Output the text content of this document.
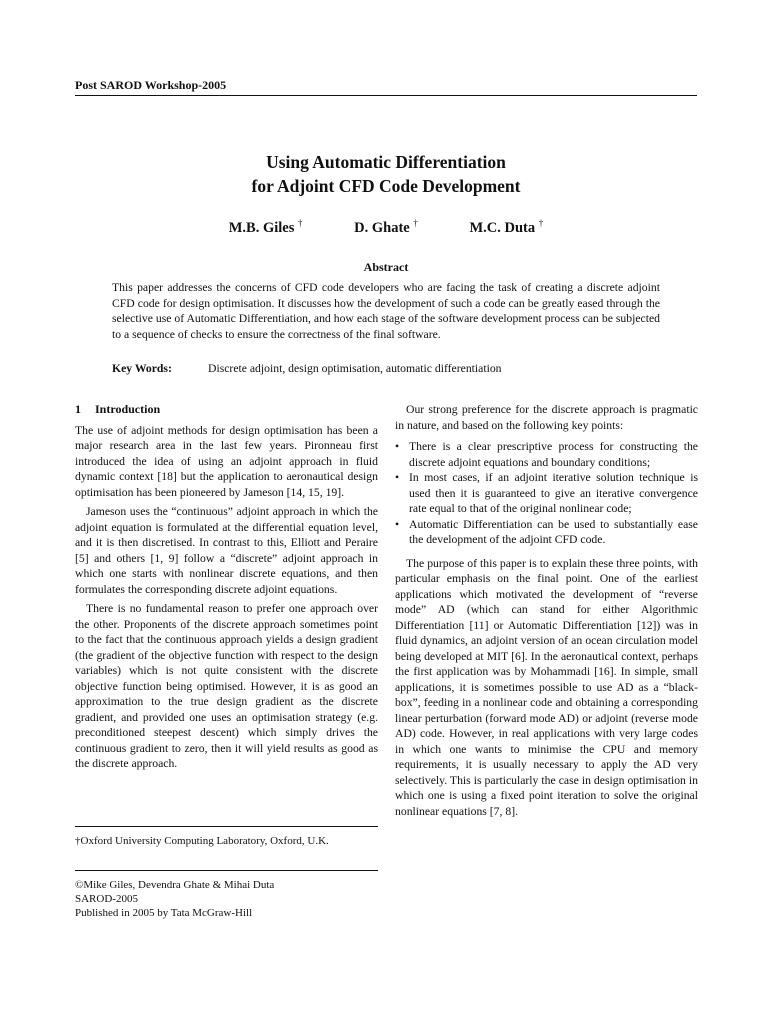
Post SAROD Workshop-2005
Using Automatic Differentiation
for Adjoint CFD Code Development
M.B. Giles †	D. Ghate †	M.C. Duta †
Abstract
This paper addresses the concerns of CFD code developers who are facing the task of creating a discrete adjoint CFD code for design optimisation. It discusses how the development of such a code can be greatly eased through the selective use of Automatic Differentiation, and how each stage of the software development process can be subjected to a sequence of checks to ensure the correctness of the final software.
Key Words:	Discrete adjoint, design optimisation, automatic differentiation
1 Introduction

The use of adjoint methods for design optimisation has been a major research area in the last few years. Pironneau first introduced the idea of using an adjoint approach in fluid dynamic context [18] but the application to aeronautical design optimisation has been pioneered by Jameson [14, 15, 19].

Jameson uses the “continuous” adjoint approach in which the adjoint equation is formulated at the differential equation level, and it is then discretised. In contrast to this, Elliott and Peraire [5] and others [1, 9] follow a “discrete” adjoint approach in which one starts with nonlinear discrete equations, and then formulates the corresponding discrete adjoint equations.

There is no fundamental reason to prefer one approach over the other. Proponents of the discrete approach sometimes point to the fact that the continuous approach yields a design gradient (the gradient of the objective function with respect to the design variables) which is not quite consistent with the discrete objective function being optimised. However, it is as good an approximation to the true design gradient as the discrete gradient, and provided one uses an optimisation strategy (e.g. preconditioned steepest descent) which simply drives the continuous gradient to zero, then it will yield results as good as the discrete approach.

†Oxford University Computing Laboratory, Oxford, U.K.
©Mike Giles, Devendra Ghate & Mihai Duta
SAROD-2005
Published in 2005 by Tata McGraw-Hill

Our strong preference for the discrete approach is pragmatic in nature, and based on the following key points:

• There is a clear prescriptive process for constructing the discrete adjoint equations and boundary conditions;
• In most cases, if an adjoint iterative solution technique is used then it is guaranteed to give an iterative convergence rate equal to that of the original nonlinear code;
• Automatic Differentiation can be used to substantially ease the development of the adjoint CFD code.

The purpose of this paper is to explain these three points, with particular emphasis on the final point. One of the earliest applications which motivated the development of “reverse mode” AD (which can stand for either Algorithmic Differentiation [11] or Automatic Differentiation [12]) was in fluid dynamics, an adjoint version of an ocean circulation model being developed at MIT [6]. In the aeronautical context, perhaps the first application was by Mohammadi [16]. In simple, small applications, it is sometimes possible to use AD as a “black-box”, feeding in a nonlinear code and obtaining a corresponding linear perturbation (forward mode AD) or adjoint (reverse mode AD) code. However, in real applications with very large codes in which one wants to minimise the CPU and memory requirements, it is usually necessary to apply the AD very selectively. This is particularly the case in design optimisation in which one is using a fixed point iteration to solve the original nonlinear equations [7, 8].
